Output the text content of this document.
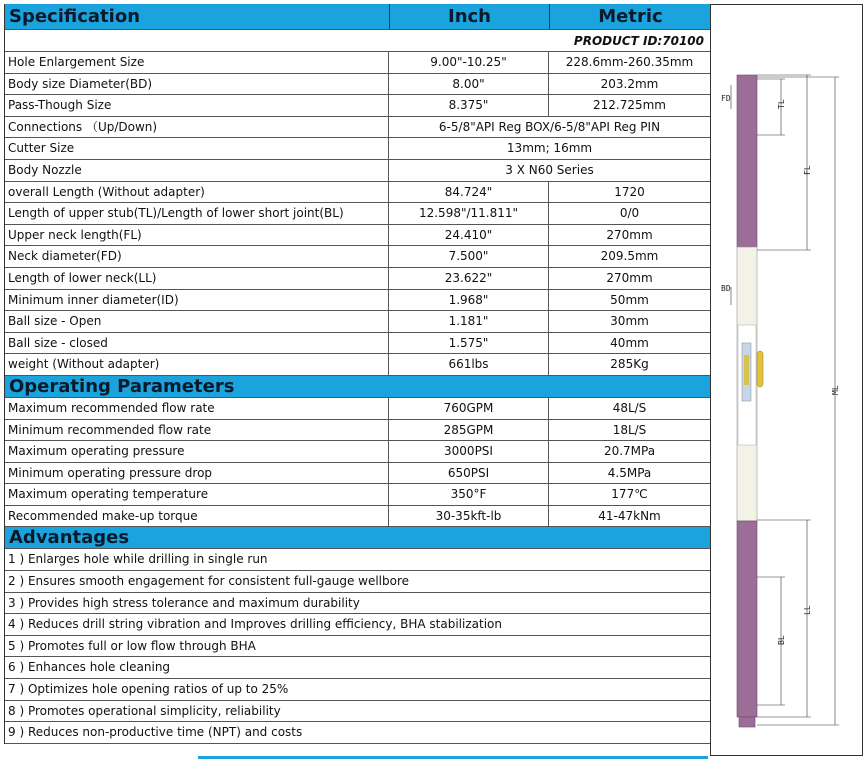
Specification	Inch	Metric
PRODUCT ID:70100
Hole Enlargement Size	9.00"-10.25"	228.6mm-260.35mm
Body size Diameter(BD)	8.00"	203.2mm
Pass-Though Size	8.375"	212.725mm
Connections （Up/Down)	6-5/8"API Reg BOX/6-5/8"API Reg PIN
Cutter Size	13mm; 16mm
Body Nozzle	3 X N60 Series
overall Length (Without adapter)	84.724"	1720
Length of upper stub(TL)/Length of lower short joint(BL)	12.598"/11.811"	0/0
Upper neck length(FL)	24.410"	270mm
Neck diameter(FD)	7.500"	209.5mm
Length of lower neck(LL)	23.622"	270mm
Minimum inner diameter(ID)	1.968"	50mm
Ball size - Open	1.181"	30mm
Ball size - closed	1.575"	40mm
weight (Without adapter)	661lbs	285Kg
Operating Parameters
Maximum recommended flow rate	760GPM	48L/S
Minimum recommended flow rate	285GPM	18L/S
Maximum operating pressure	3000PSI	20.7MPa
Minimum operating pressure drop	650PSI	4.5MPa
Maximum operating temperature	350°F	177℃
Recommended make-up torque	30-35kft-lb	41-47kNm
Advantages
1 ) Enlarges hole while drilling in single run
2 ) Ensures smooth engagement for consistent full-gauge wellbore
3 ) Provides high stress tolerance and maximum durability
4 ) Reduces drill string vibration and Improves drilling efficiency, BHA stabilization
5 ) Promotes full or low flow through BHA
6 ) Enhances hole cleaning
7 ) Optimizes hole opening ratios of up to 25%
8 ) Promotes operational simplicity, reliability
9 ) Reduces non-productive time (NPT) and costs
FD
TL
FL
BD
ML
LL
BL
